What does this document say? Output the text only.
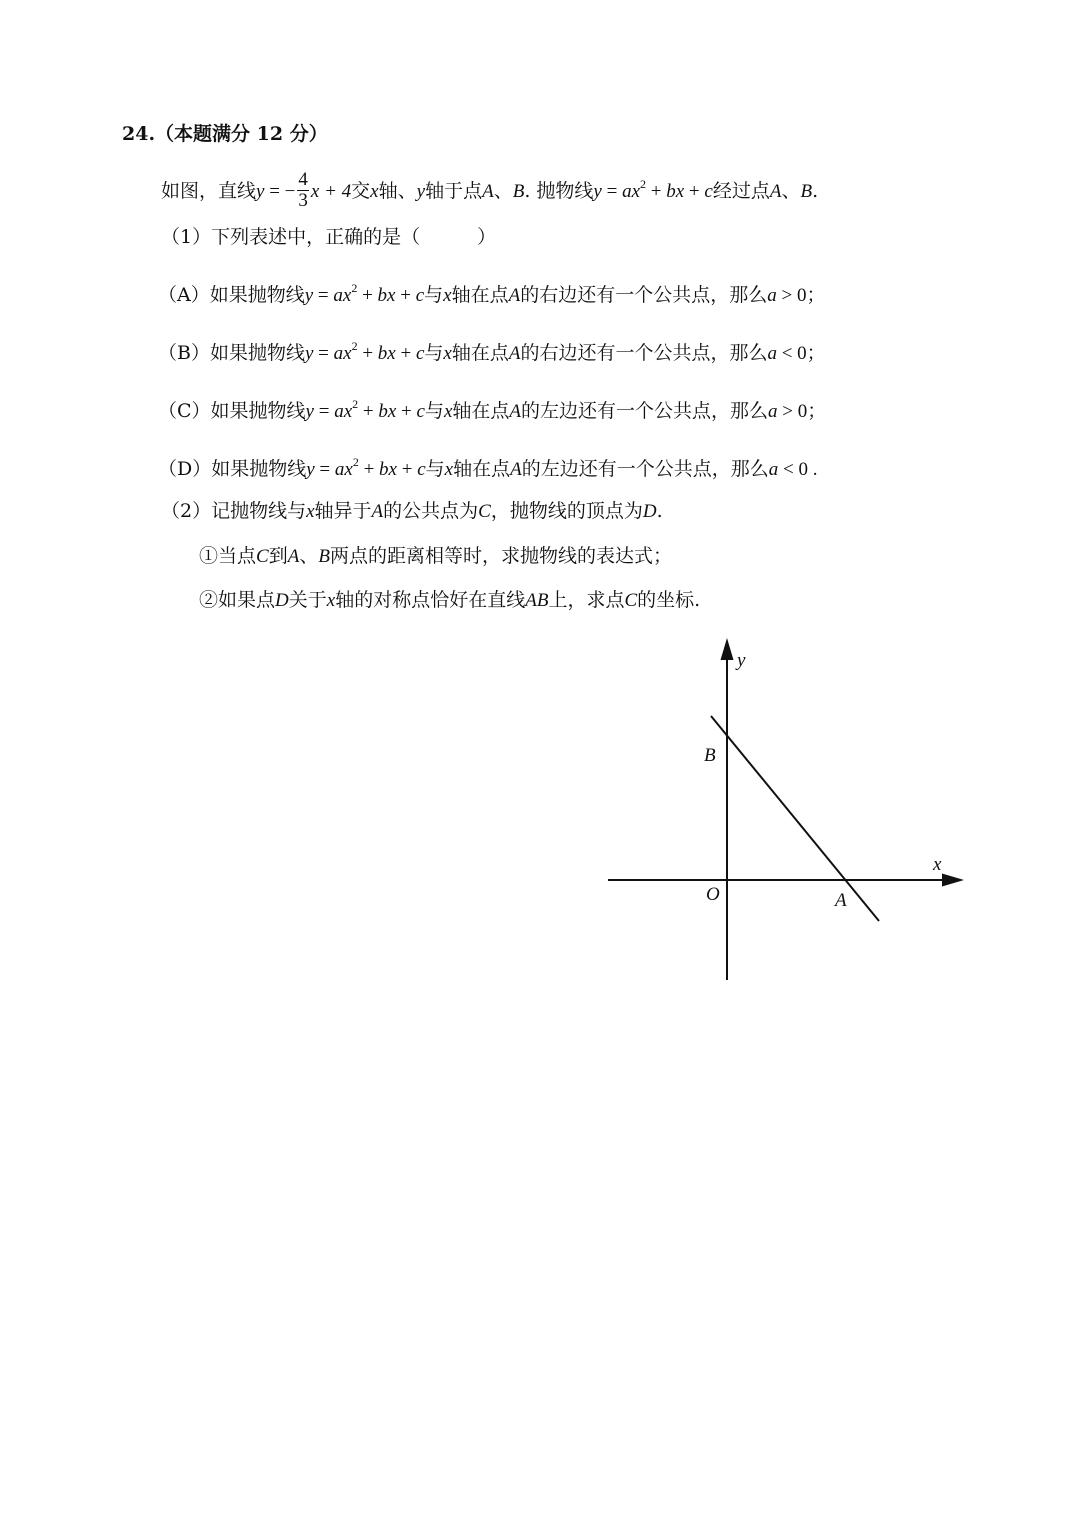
24.（本题满分 12 分）
如图，直线y = − $\frac{4}{3}$ x + 4交x轴、y轴于点A、B. 抛物线$y = ax^2$ + bx + c经过点A、B.
（1）下列表述中，正确的是（　　　）
（A）如果抛物线$y = ax^2$ + bx + c与x轴在点A的右边还有一个公共点，那么a > 0；
（B）如果抛物线$y = ax^2$ + bx + c与x轴在点A的右边还有一个公共点，那么a < 0；
（C）如果抛物线$y = ax^2$ + bx + c与x轴在点A的左边还有一个公共点，那么a > 0；
（D）如果抛物线$y = ax^2$ + bx + c与x轴在点A的左边还有一个公共点，那么a < 0 .
（2）记抛物线与x轴异于A的公共点为C，抛物线的顶点为D.
①当点C到A、B两点的距离相等时，求抛物线的表达式；
②如果点D关于x轴的对称点恰好在直线AB上，求点C的坐标.
y
x
O	A
B
